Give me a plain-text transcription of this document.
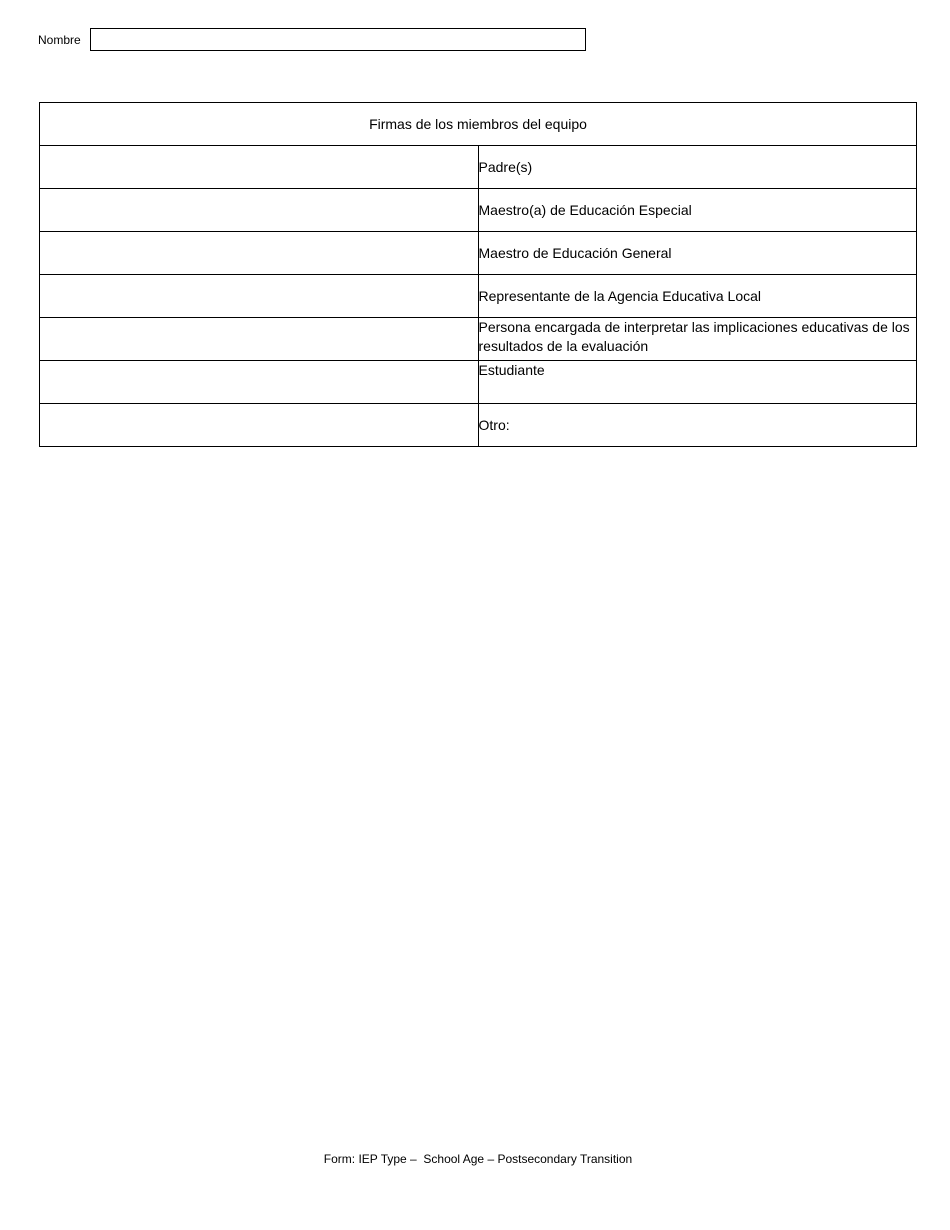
Nombre
Firmas de los miembros del equipo	
	Padre(s)
	Maestro(a) de Educación Especial
	Maestro de Educación General
	Representante de la Agencia Educativa Local
	Persona encargada de interpretar las implicaciones educativas de los resultados de la evaluación
	Estudiante
	Otro:
Form: IEP Type –  School Age – Postsecondary Transition
